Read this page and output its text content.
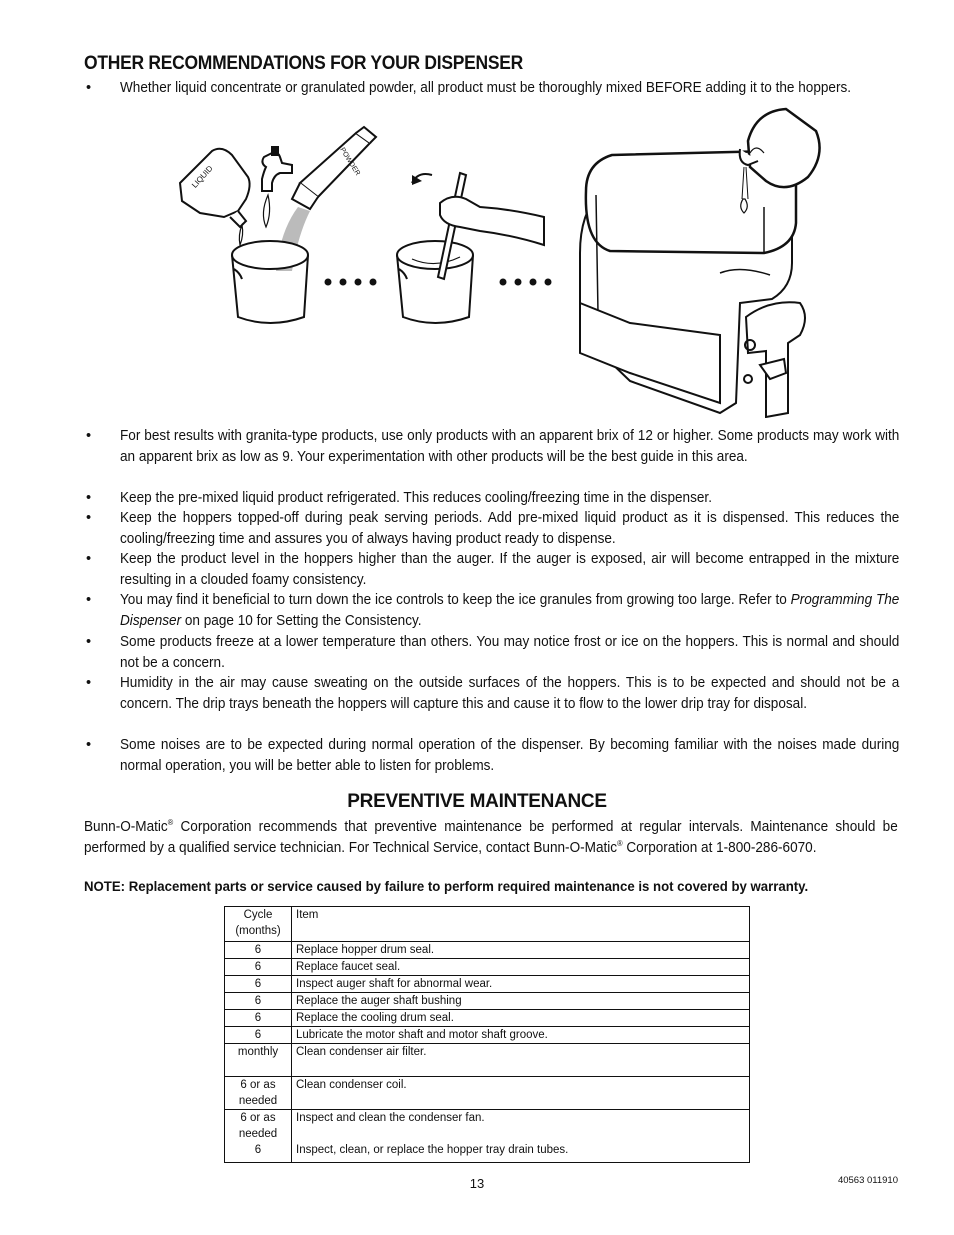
OTHER RECOMMENDATIONS FOR YOUR DISPENSER
• Whether liquid concentrate or granulated powder, all product must be thoroughly mixed BEFORE adding it to the hoppers.
LIQUID	POWDER
• For best results with granita-type products, use only products with an apparent brix of 12 or higher. Some products may work with an apparent brix as low as 9. Your experimentation with other products will be the best guide in this area.
• Keep the pre-mixed liquid product refrigerated. This reduces cooling/freezing time in the dispenser.
• Keep the hoppers topped-off during peak serving periods. Add pre-mixed liquid product as it is dispensed. This reduces the cooling/freezing time and assures you of always having product ready to dispense.
• Keep the product level in the hoppers higher than the auger. If the auger is exposed, air will become entrapped in the mixture resulting in a clouded foamy consistency.
• You may find it beneficial to turn down the ice controls to keep the ice granules from growing too large. Refer to Programming The Dispenser on page 10 for Setting the Consistency.
• Some products freeze at a lower temperature than others. You may notice frost or ice on the hoppers. This is normal and should not be a concern.
• Humidity in the air may cause sweating on the outside surfaces of the hoppers. This is to be expected and should not be a concern. The drip trays beneath the hoppers will capture this and cause it to flow to the lower drip tray for disposal.
• Some noises are to be expected during normal operation of the dispenser. By becoming familiar with the noises made during normal operation, you will be better able to listen for problems.
PREVENTIVE MAINTENANCE
Bunn-O-Matic® Corporation recommends that preventive maintenance be performed at regular intervals. Maintenance should be performed by a qualified service technician. For Technical Service, contact Bunn-O-Matic® Corporation at 1-800-286-6070.
NOTE: Replacement parts or service caused by failure to perform required maintenance is not covered by warranty.
Cycle (months)	Item
6	Replace hopper drum seal.
6	Replace faucet seal.
6	Inspect auger shaft for abnormal wear.
6	Replace the auger shaft bushing
6	Replace the cooling drum seal.
6	Lubricate the motor shaft and motor shaft groove.
monthly	Clean condenser air filter.
6 or as needed	Clean condenser coil.
6 or as needed	Inspect and clean the condenser fan.
6	Inspect, clean, or replace the hopper tray drain tubes.
13	40563 011910
